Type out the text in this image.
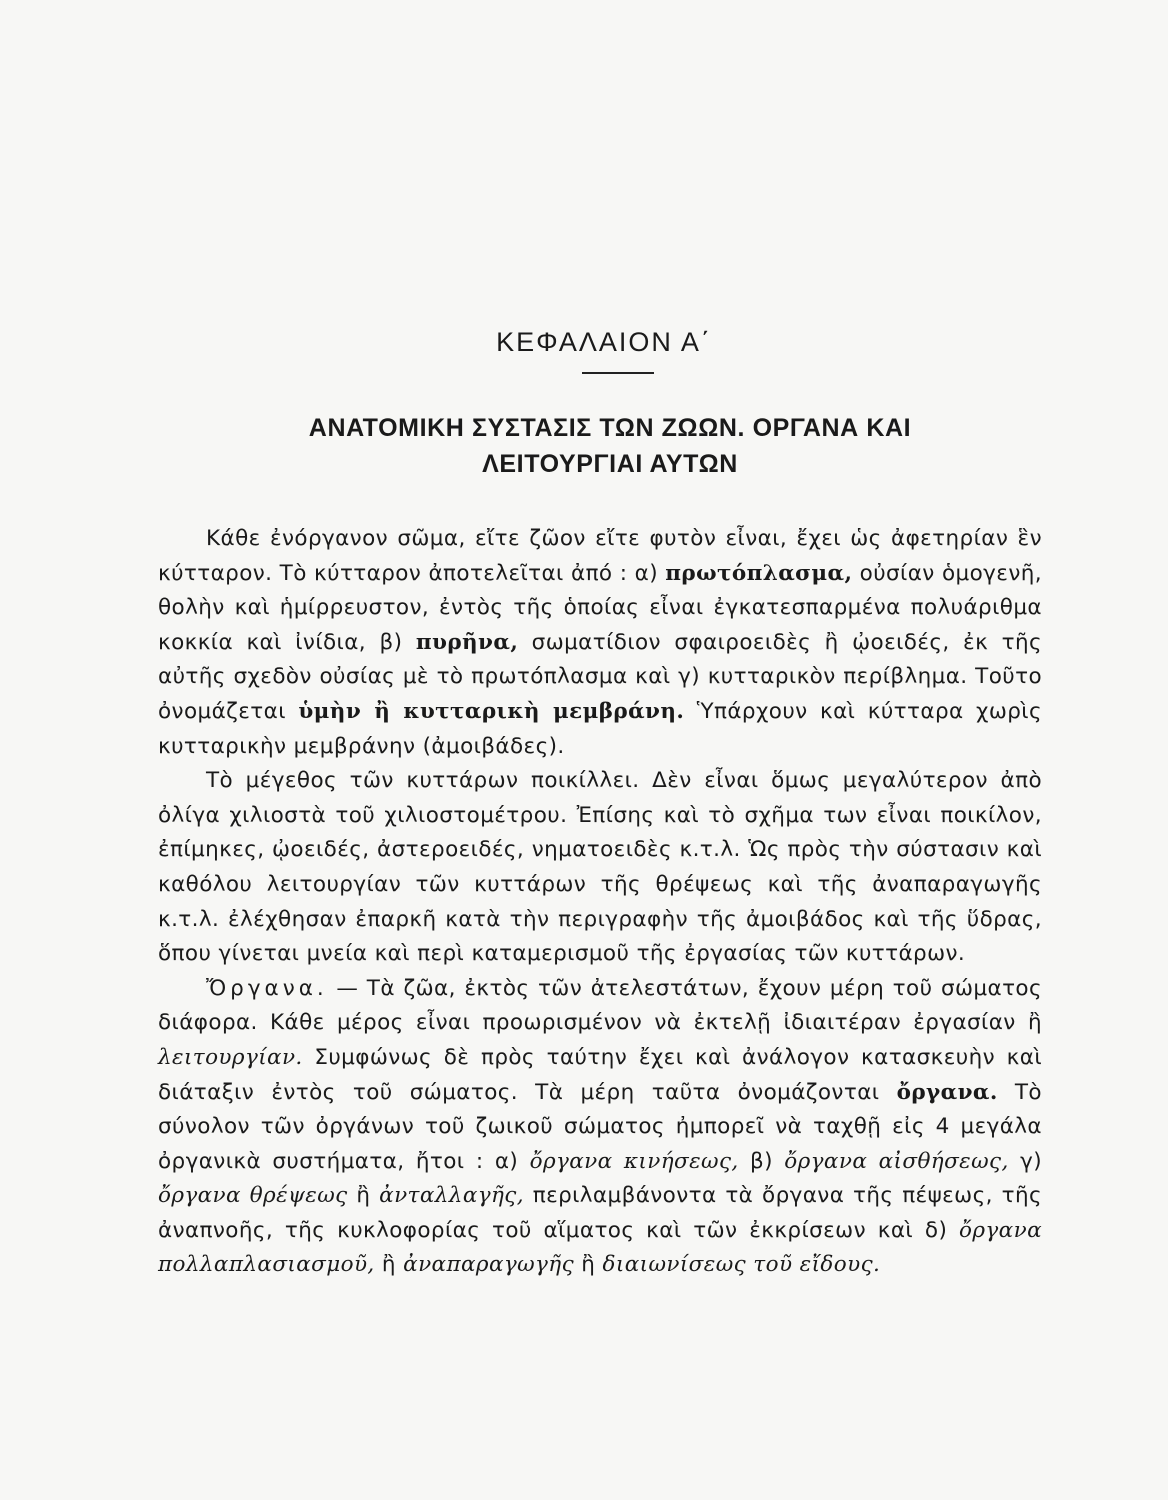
ΚΕΦΑΛΑΙΟΝ Α΄
ΑΝΑΤΟΜΙΚΗ ΣΥΣΤΑΣΙΣ ΤΩΝ ΖΩΩΝ. ΟΡΓΑΝΑ ΚΑΙ
ΛΕΙΤΟΥΡΓΙΑΙ ΑΥΤΩΝ

Κάθε ἐνόργανον σῶμα, εἴτε ζῶον εἴτε φυτὸν εἶναι, ἔχει ὡς ἀφετηρίαν ἓν κύτταρον. Τὸ κύτταρον ἀποτελεῖται ἀπό : α) πρωτόπλασμα, οὐσίαν ὁμογενῆ, θολὴν καὶ ἡμίρρευστον, ἐντὸς τῆς ὁποίας εἶναι ἐγκατεσπαρμένα πολυάριθμα κοκκία καὶ ἰνίδια, β) πυρῆνα, σωματίδιον σφαιροειδὲς ἢ ᾠοειδές, ἐκ τῆς αὐτῆς σχεδὸν οὐσίας μὲ τὸ πρωτόπλασμα καὶ γ) κυτταρικὸν περίβλημα. Τοῦτο ὀνομάζεται ὑμὴν ἢ κυτταρικὴ μεμβράνη. Ὑπάρχουν καὶ κύτταρα χωρὶς κυτταρικὴν μεμβράνην (ἀμοιβάδες).

Τὸ μέγεθος τῶν κυττάρων ποικίλλει. Δὲν εἶναι ὅμως μεγαλύτερον ἀπὸ ὀλίγα χιλιοστὰ τοῦ χιλιοστομέτρου. Ἐπίσης καὶ τὸ σχῆμα των εἶναι ποικίλον, ἐπίμηκες, ᾠοειδές, ἀστεροειδές, νηματοειδὲς κ.τ.λ. Ὡς πρὸς τὴν σύστασιν καὶ καθόλου λειτουργίαν τῶν κυττάρων τῆς θρέψεως καὶ τῆς ἀναπαραγωγῆς κ.τ.λ. ἐλέχθησαν ἐπαρκῆ κατὰ τὴν περιγραφὴν τῆς ἀμοιβάδος καὶ τῆς ὕδρας, ὅπου γίνεται μνεία καὶ περὶ καταμερισμοῦ τῆς ἐργασίας τῶν κυττάρων.

Ὄργανα. — Τὰ ζῶα, ἐκτὸς τῶν ἀτελεστάτων, ἔχουν μέρη τοῦ σώματος διάφορα. Κάθε μέρος εἶναι προωρισμένον νὰ ἐκτελῇ ἰδιαιτέραν ἐργασίαν ἢ λειτουργίαν. Συμφώνως δὲ πρὸς ταύτην ἔχει καὶ ἀνάλογον κατασκευὴν καὶ διάταξιν ἐντὸς τοῦ σώματος. Τὰ μέρη ταῦτα ὀνομάζονται ὄργανα. Τὸ σύνολον τῶν ὀργάνων τοῦ ζωικοῦ σώματος ἠμπορεῖ νὰ ταχθῇ εἰς 4 μεγάλα ὀργανικὰ συστήματα, ἤτοι : α) ὄργανα κινήσεως, β) ὄργανα αἰσθήσεως, γ) ὄργανα θρέψεως ἢ ἀνταλλαγῆς, περιλαμβάνοντα τὰ ὄργανα τῆς πέψεως, τῆς ἀναπνοῆς, τῆς κυκλοφορίας τοῦ αἵματος καὶ τῶν ἐκκρίσεων καὶ δ) ὄργανα πολλαπλασιασμοῦ, ἢ ἀναπαραγωγῆς ἢ διαιωνίσεως τοῦ εἴδους.
